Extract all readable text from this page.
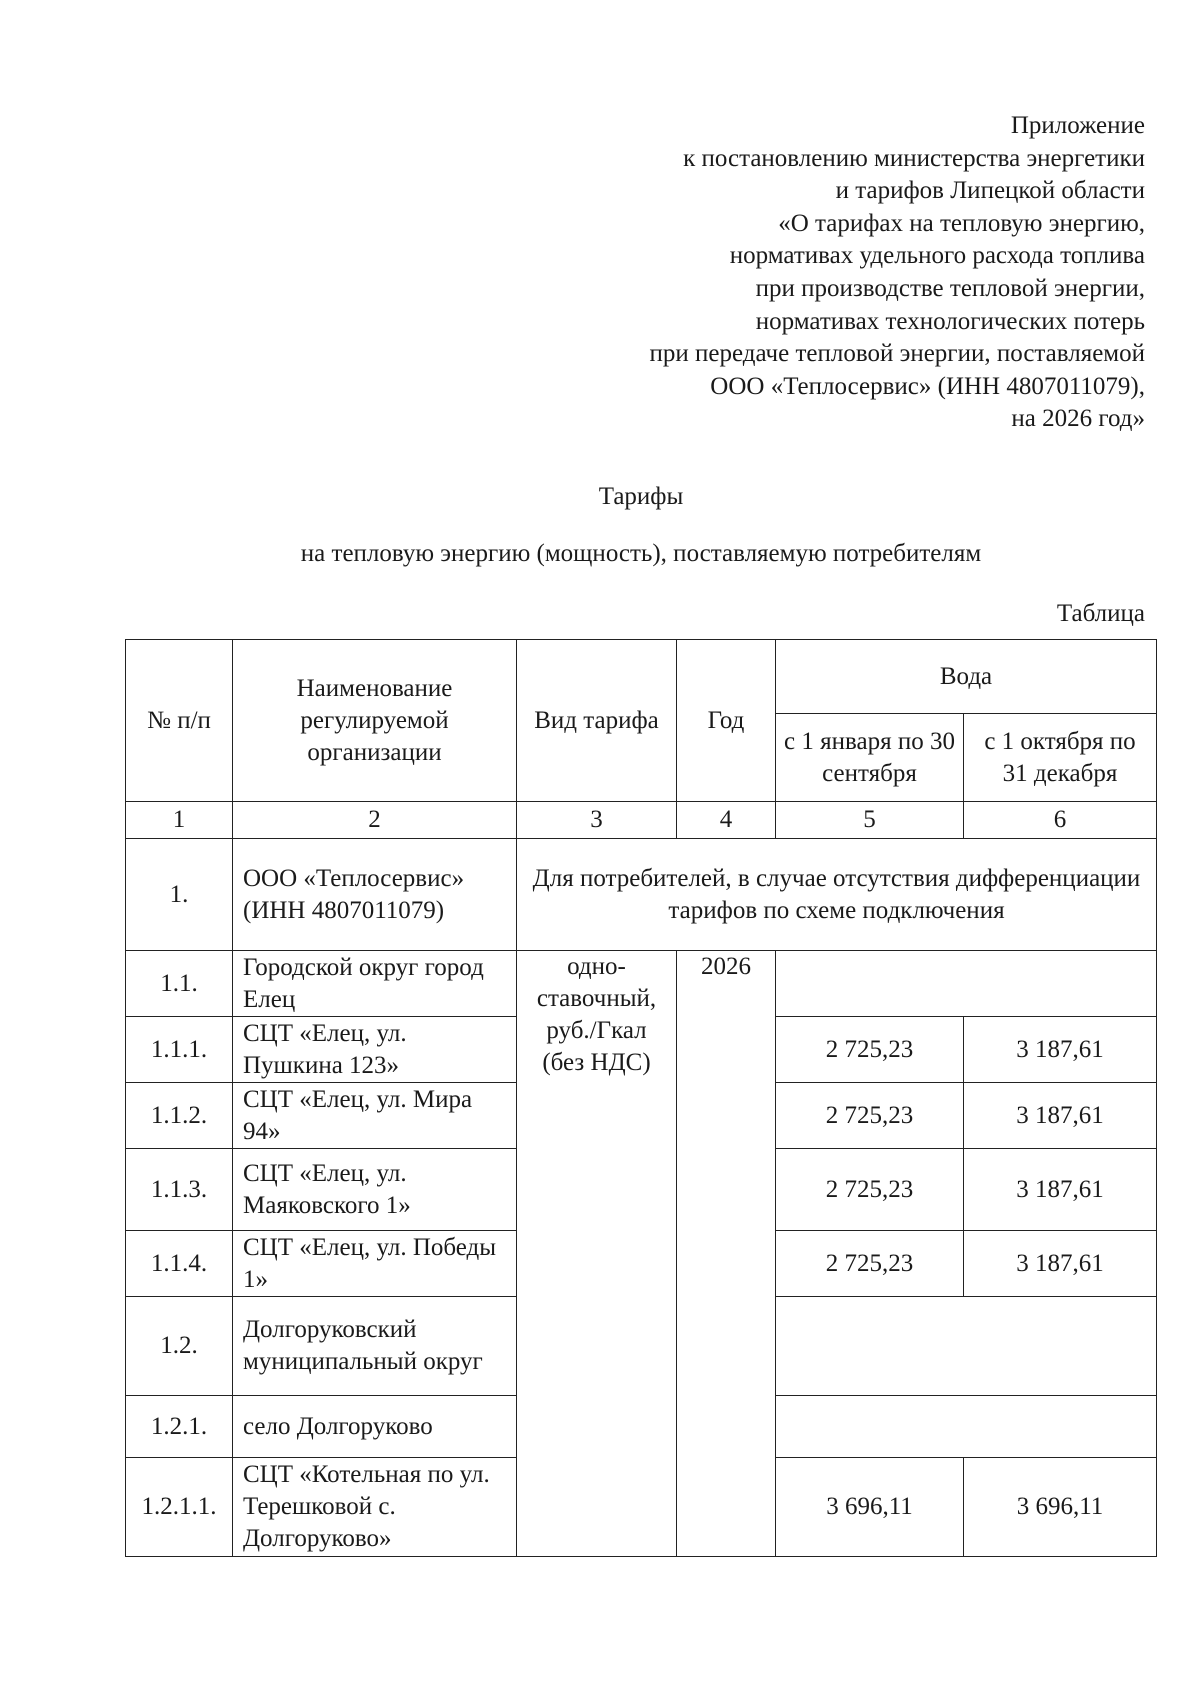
Приложение
к постановлению министерства энергетики
и тарифов Липецкой области
«О тарифах на тепловую энергию,
нормативах удельного расхода топлива
при производстве тепловой энергии,
нормативах технологических потерь
при передаче тепловой энергии, поставляемой
ООО «Теплосервис» (ИНН 4807011079),
на 2026 год»
Тарифы
на тепловую энергию (мощность), поставляемую потребителям
Таблица
№ п/п	Наименование регулируемой организации	Вид тарифа	Год	Вода	
				с 1 января по 30 сентября	с 1 октября по 31 декабря
1	2	3	4	5	6
1.	ООО «Теплосервис» (ИНН 4807011079)	Для потребителей, в случае отсутствия дифференциации тарифов по схеме подключения			
1.1.	Городской округ город Елец	одно-ставочный, руб./Гкал (без НДС)	2026		
1.1.1.	СЦТ «Елец, ул. Пушкина 123»			2 725,23	3 187,61
1.1.2.	СЦТ «Елец, ул. Мира 94»			2 725,23	3 187,61
1.1.3.	СЦТ «Елец, ул. Маяковского 1»			2 725,23	3 187,61
1.1.4.	СЦТ «Елец, ул. Победы 1»			2 725,23	3 187,61
1.2.	Долгоруковский муниципальный округ				
1.2.1.	село Долгоруково				
1.2.1.1.	СЦТ «Котельная по ул. Терешковой с. Долгоруково»			3 696,11	3 696,11
